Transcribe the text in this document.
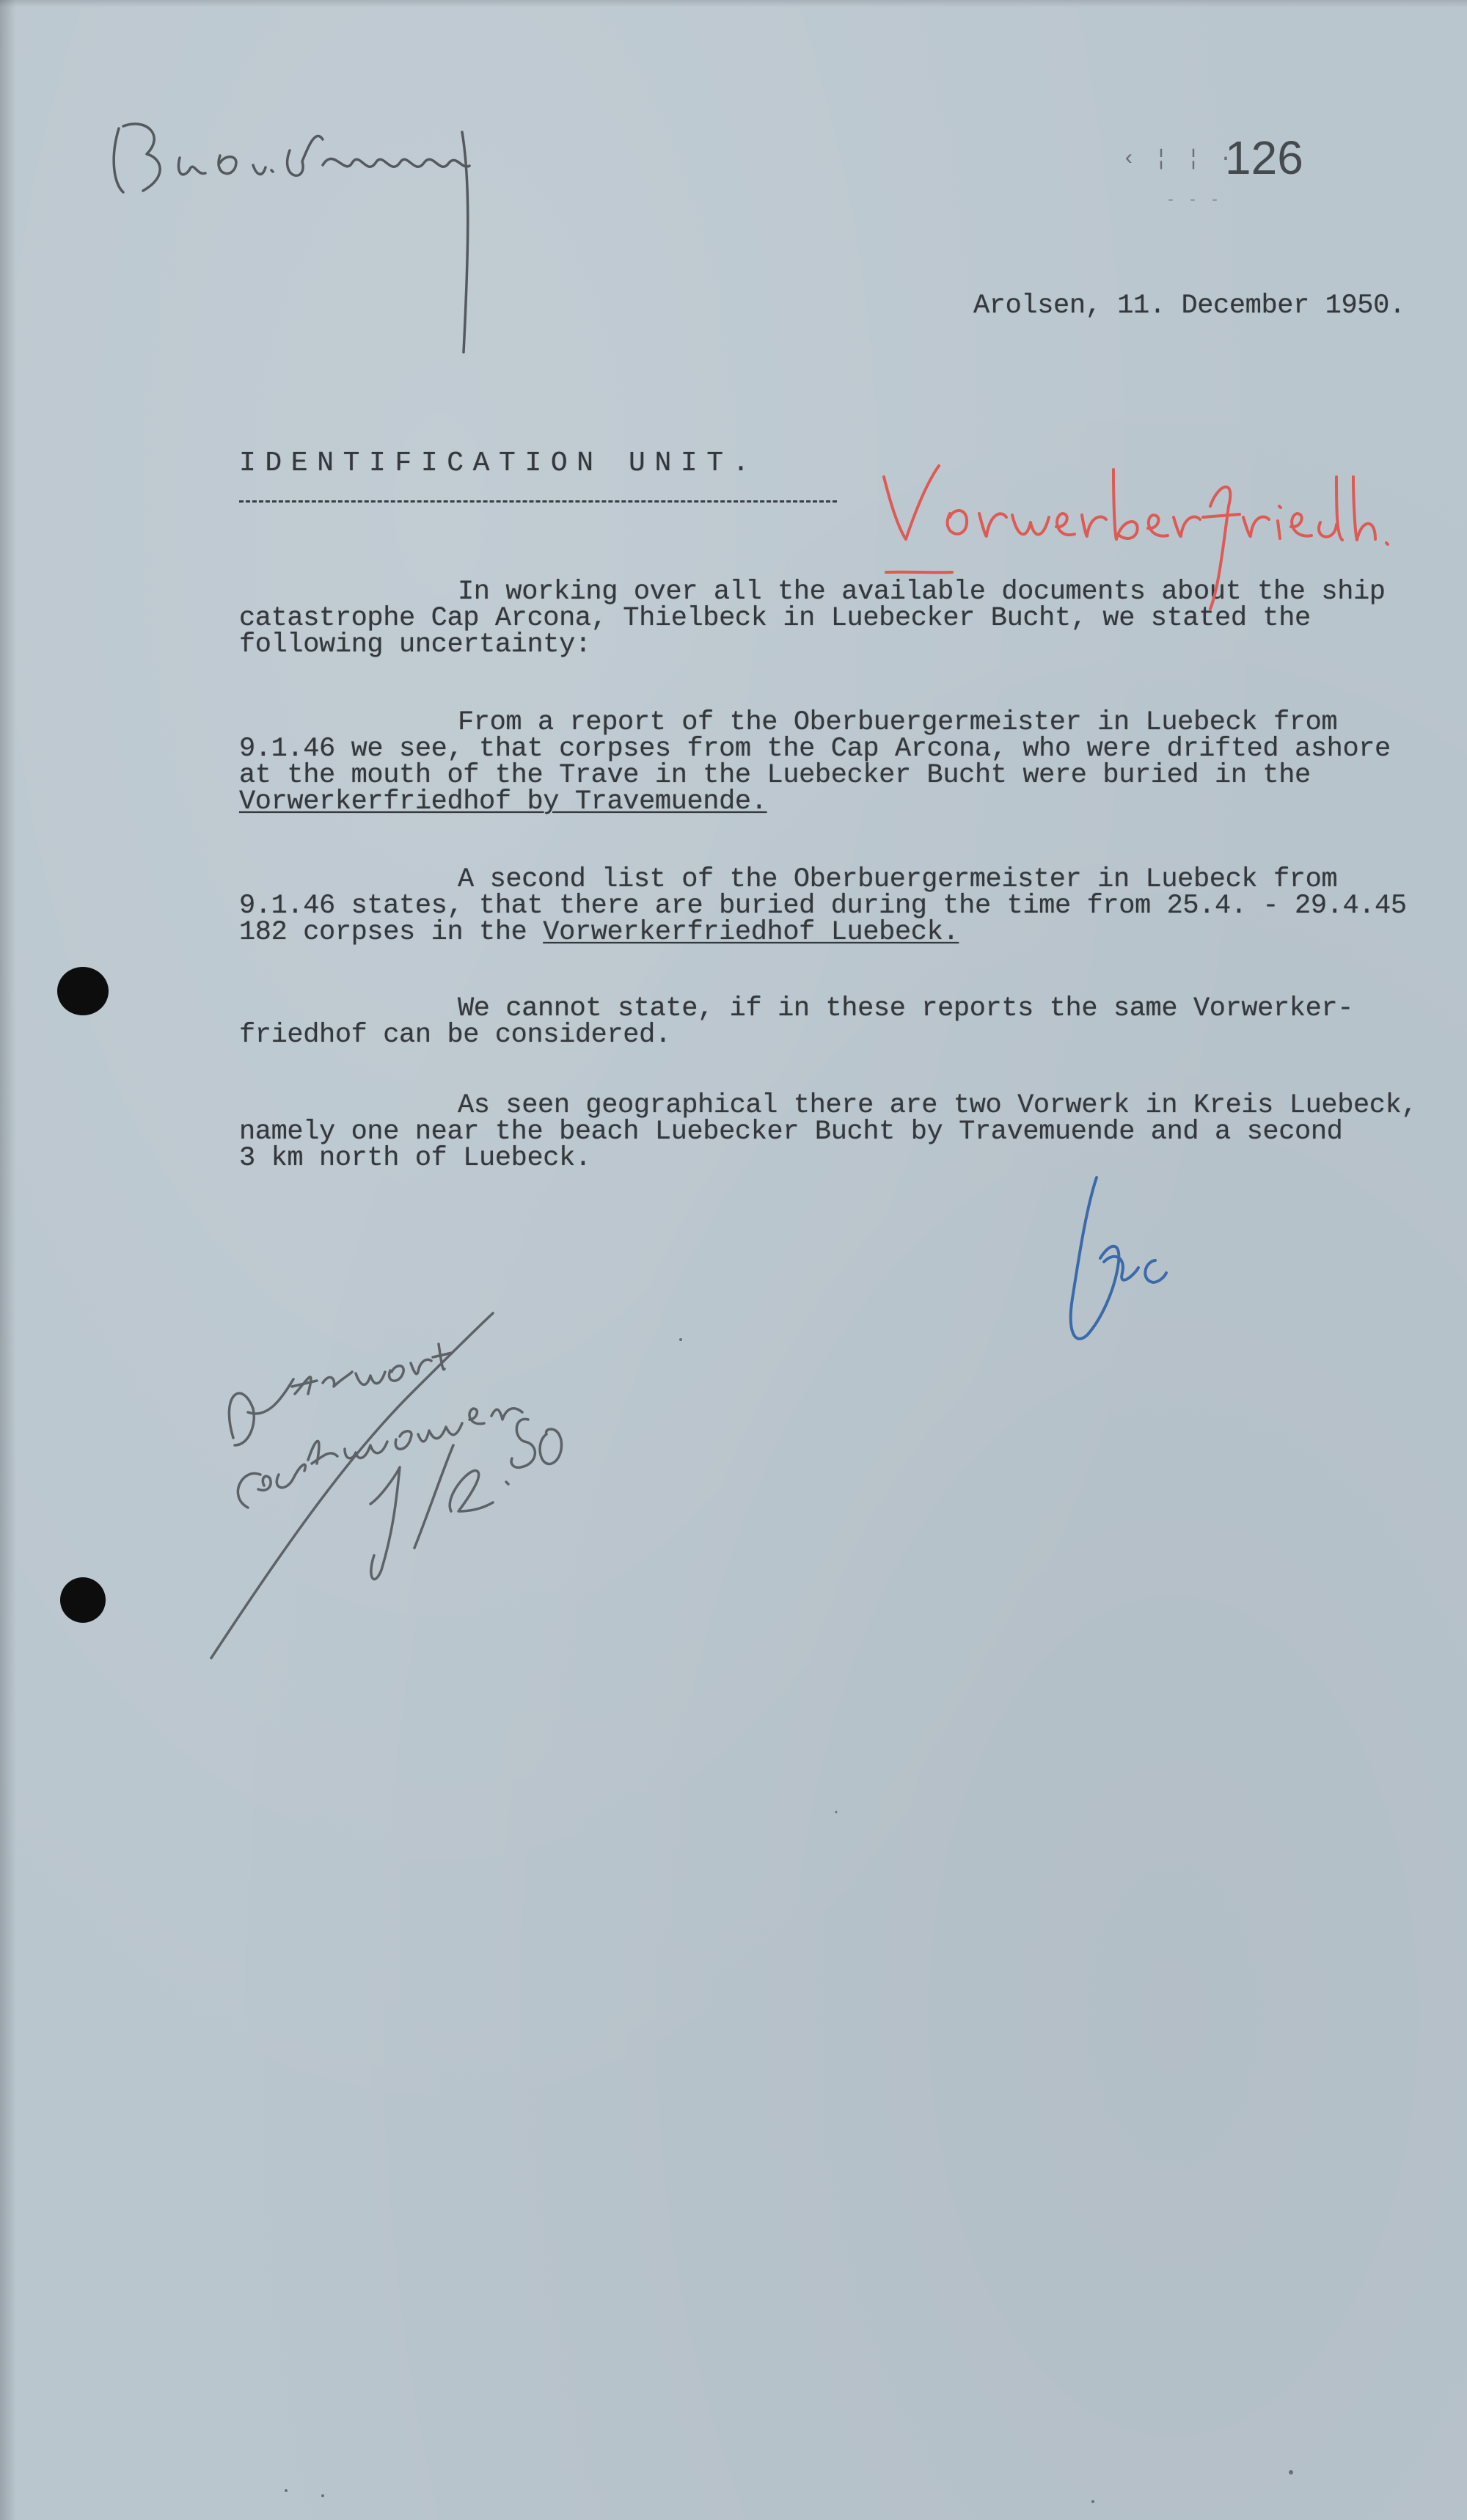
‹ ¦ ¦ ·
126
- - -
Arolsen, 11. December 1950.
IDENTIFICATION UNIT.
In working over all the available documents about the ship
catastrophe Cap Arcona, Thielbeck in Luebecker Bucht, we stated the
following uncertainty:
From a report of the Oberbuergermeister in Luebeck from
9.1.46 we see, that corpses from the Cap Arcona, who were drifted ashore
at the mouth of the Trave in the Luebecker Bucht were buried in the
Vorwerkerfriedhof by Travemuende.
A second list of the Oberbuergermeister in Luebeck from
9.1.46 states, that there are buried during the time from 25.4. - 29.4.45
182 corpses in the Vorwerkerfriedhof Luebeck.
We cannot state, if in these reports the same Vorwerker-
friedhof can be considered.
As seen geographical there are two Vorwerk in Kreis Luebeck,
namely one near the beach Luebecker Bucht by Travemuende and a second
3 km north of Luebeck.
